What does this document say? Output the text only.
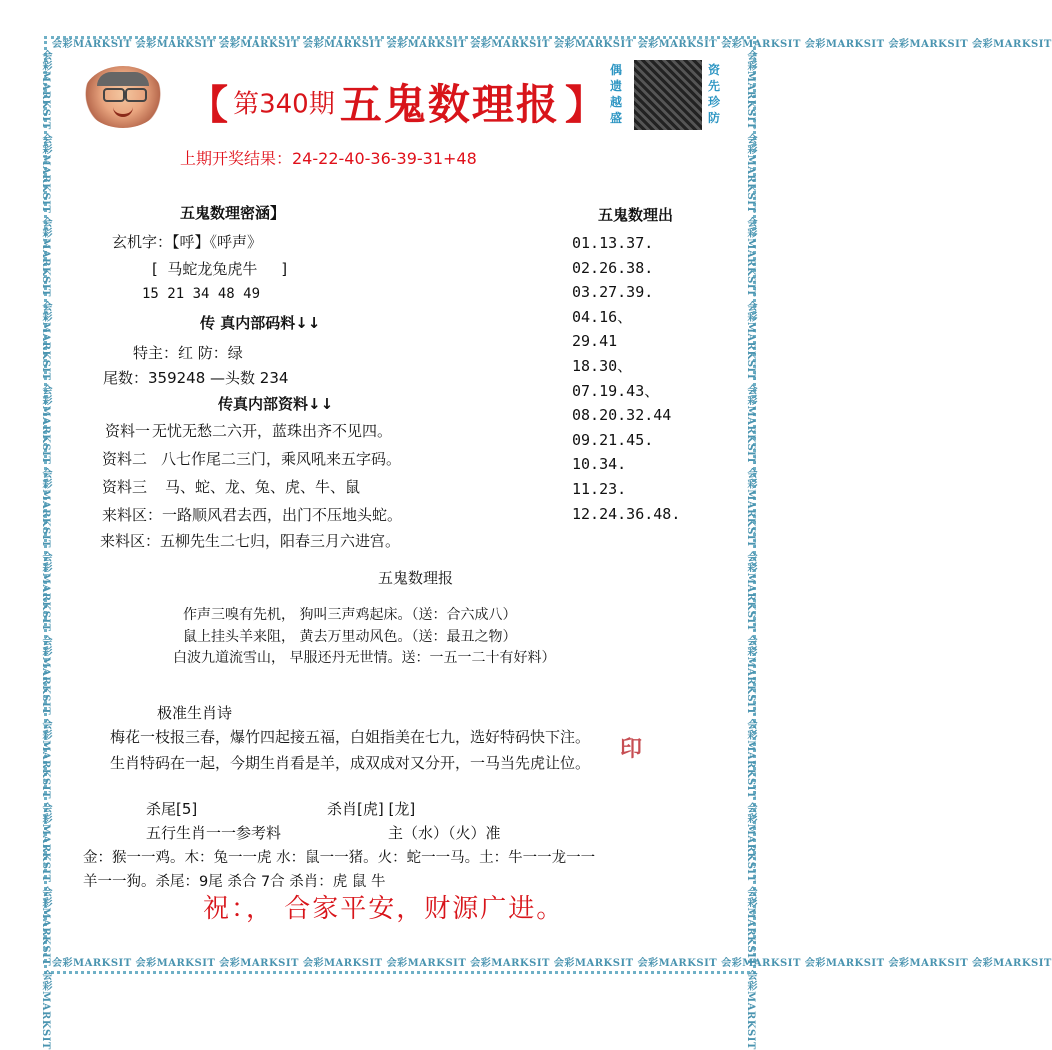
会彩MARKSIT 会彩MARKSIT 会彩MARKSIT 会彩MARKSIT 会彩MARKSIT 会彩MARKSIT 会彩MARKSIT 会彩MARKSIT 会彩MARKSIT 会彩MARKSIT 会彩MARKSIT 会彩MARKSIT
会彩MARKSIT 会彩MARKSIT 会彩MARKSIT 会彩MARKSIT 会彩MARKSIT 会彩MARKSIT 会彩MARKSIT 会彩MARKSIT 会彩MARKSIT 会彩MARKSIT 会彩MARKSIT 会彩MARKSIT
会彩MARKSIT 会彩MARKSIT 会彩MARKSIT 会彩MARKSIT 会彩MARKSIT 会彩MARKSIT 会彩MARKSIT 会彩MARKSIT 会彩MARKSIT 会彩MARKSIT 会彩MARKSIT 会彩MARKSIT	会彩MARKSIT 会彩MARKSIT 会彩MARKSIT 会彩MARKSIT 会彩MARKSIT 会彩MARKSIT 会彩MARKSIT 会彩MARKSIT 会彩MARKSIT 会彩MARKSIT 会彩MARKSIT 会彩MARKSIT
【 第340期 五鬼数理报 】
偶
遗
越
盛
资
先
珍
防
上期开奖结果：24-22-40-36-39-31+48
五鬼数理密涵】
玄机字：【呼】《呼声》
[ 马蛇龙兔虎牛 ]
15 21 34 48 49
传 真内部码料↓↓
特主：红 防：绿
尾数：359248 —头数 234
传真内部资料↓↓
资料一 无忧无愁二六开，蓝珠出齐不见四。
资料二 八七作尾二三门，乘风吼来五字码。
资料三 马、蛇、龙、兔、虎、牛、鼠
来料区：一路顺风君去西，出门不压地头蛇。
来料区：五柳先生二七归，阳春三月六进宫。
五鬼数理出
01.13.37.
02.26.38.
03.27.39.
04.16、
29.41
18.30、
07.19.43、
08.20.32.44
09.21.45.
10.34.
11.23.
12.24.36.48.
五鬼数理报
作声三嗅有先机， 狗叫三声鸡起床。（送：合六成八）
鼠上挂头羊来阻， 黄去万里动风色。（送：最丑之物）
白波九道流雪山， 早服还丹无世情。送：一五一二十有好料）
极准生肖诗
梅花一枝报三春，爆竹四起接五福，白姐指美在七九，选好特码快下注。
生肖特码在一起，今期生肖看是羊，成双成对又分开，一马当先虎让位。
印
杀尾[5]	杀肖[虎] [龙]
五行生肖一一参考料	主（水）（火）准
金：猴一一鸡。木：兔一一虎 水：鼠一一猪。火：蛇一一马。土：牛一一龙一一
羊一一狗。杀尾：9尾 杀合 7合 杀肖：虎 鼠 牛
祝：， 合家平安，财源广进。
